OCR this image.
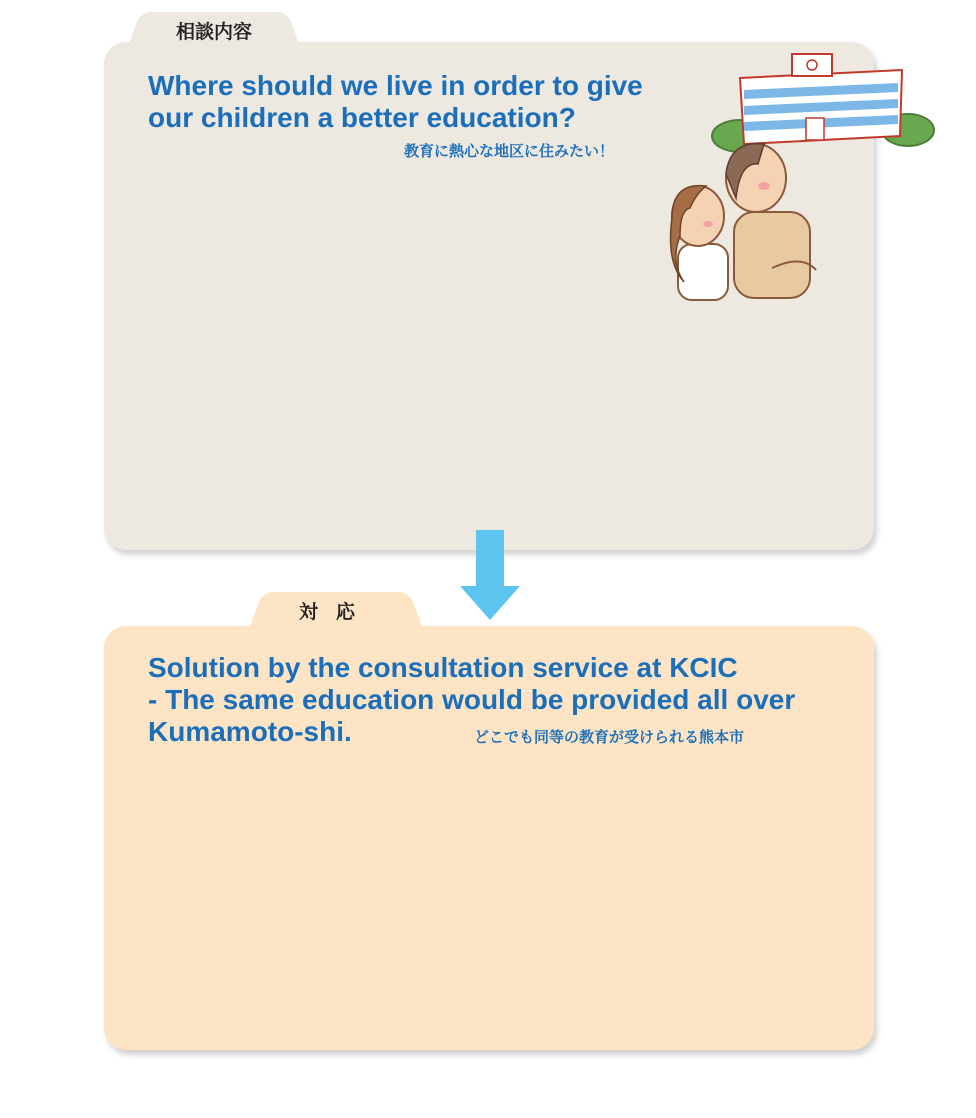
相談内容
Where should we live in order to give
our children a better education?
教育に熱心な地区に住みたい！
対応
Solution by the consultation service at KCIC
- The same education would be provided all over
Kumamoto-shi.	どこでも同等の教育が受けられる熊本市
